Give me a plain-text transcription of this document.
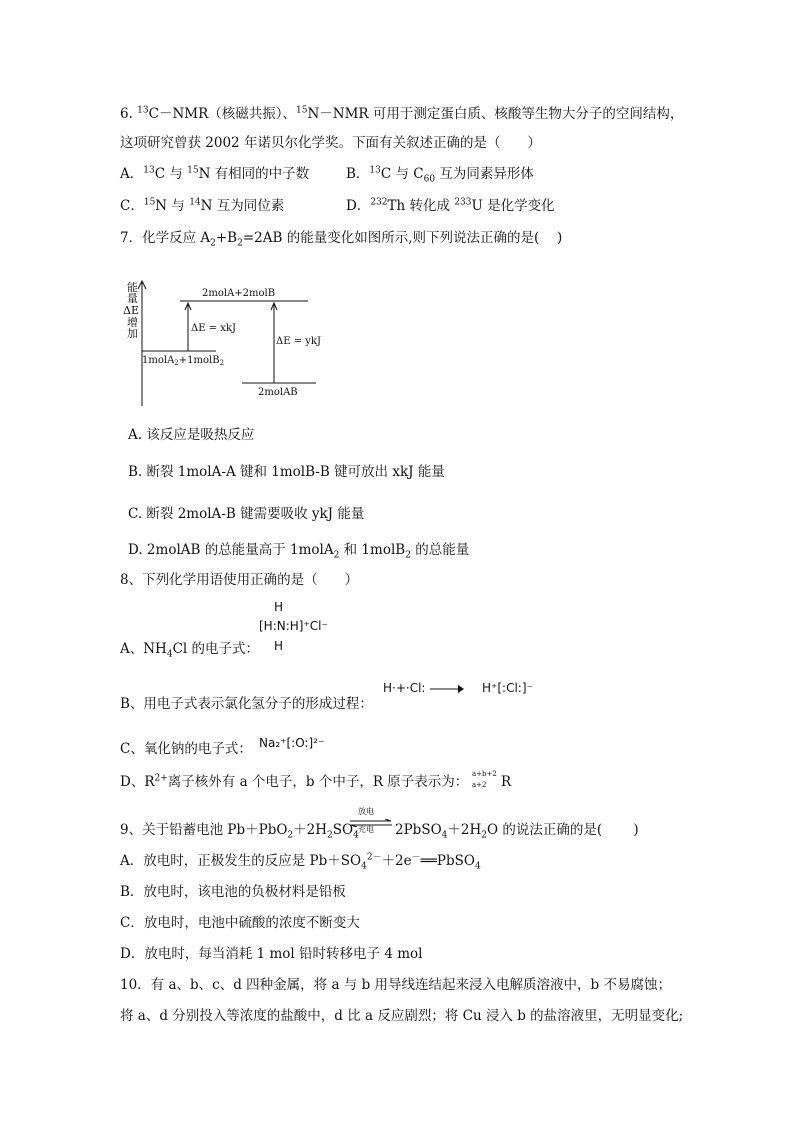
6. $^{13}$C－NMR（核磁共振）、$^{15}$N－NMR 可用于测定蛋白质、核酸等生物大分子的空间结构，
这项研究曾获 2002 年诺贝尔化学奖。下面有关叙述正确的是（　　）
A．$^{13}$C 与 $^{15}$N 有相同的中子数	B．$^{13}$C 与 $C_{60}$ 互为同素异形体
C．$^{15}$N 与 $^{14}$N 互为同位素	D．$^{232}$Th 转化成 $^{233}$U 是化学变化
7．化学反应 $A_2+B_2=2AB$ 的能量变化如图所示,则下列说法正确的是(　 )
能
量
ΔE
增
加
2molA+2molB
ΔE = xkJ
ΔE = ykJ
1molA$_2$+1molB$_2$
2molAB
A. 该反应是吸热反应
B. 断裂 1molA-A 键和 1molB-B 键可放出 xkJ 能量
C. 断裂 2molA-B 键需要吸收 ykJ 能量
D. 2molAB 的总能量高于 1molA$_2$ 和 1molB$_2$ 的总能量
8、下列化学用语使用正确的是（　　）
H
[H:N:H]⁺Cl⁻
H
A、$NH_4Cl$ 的电子式：
H·+·Cl: → H⁺[:Cl:]⁻
B、用电子式表示氯化氢分子的形成过程：
Na₂⁺[:O:]²⁻
C、氧化钠的电子式：
D、$R^{2+}$离子核外有 a 个电子，b 个中子，R 原子表示为： a+b+2
a+2 R
9、关于铅蓄电池 $Pb+PbO_2+2H_2SO_4$
放电
充电 $2PbSO_4+2H_2O$ 的说法正确的是(　　 )
A．放电时，正极发生的反应是 $Pb+SO_4^{2-}+2e^-══PbSO_4$
B．放电时，该电池的负极材料是铅板
C．放电时，电池中硫酸的浓度不断变大
D．放电时，每当消耗 1 mol 铅时转移电子 4 mol
10．有 a、b、c、d 四种金属，将 a 与 b 用导线连结起来浸入电解质溶液中，b 不易腐蚀；
将 a、d 分别投入等浓度的盐酸中，d 比 a 反应剧烈；将 Cu 浸入 b 的盐溶液里，无明显变化;
